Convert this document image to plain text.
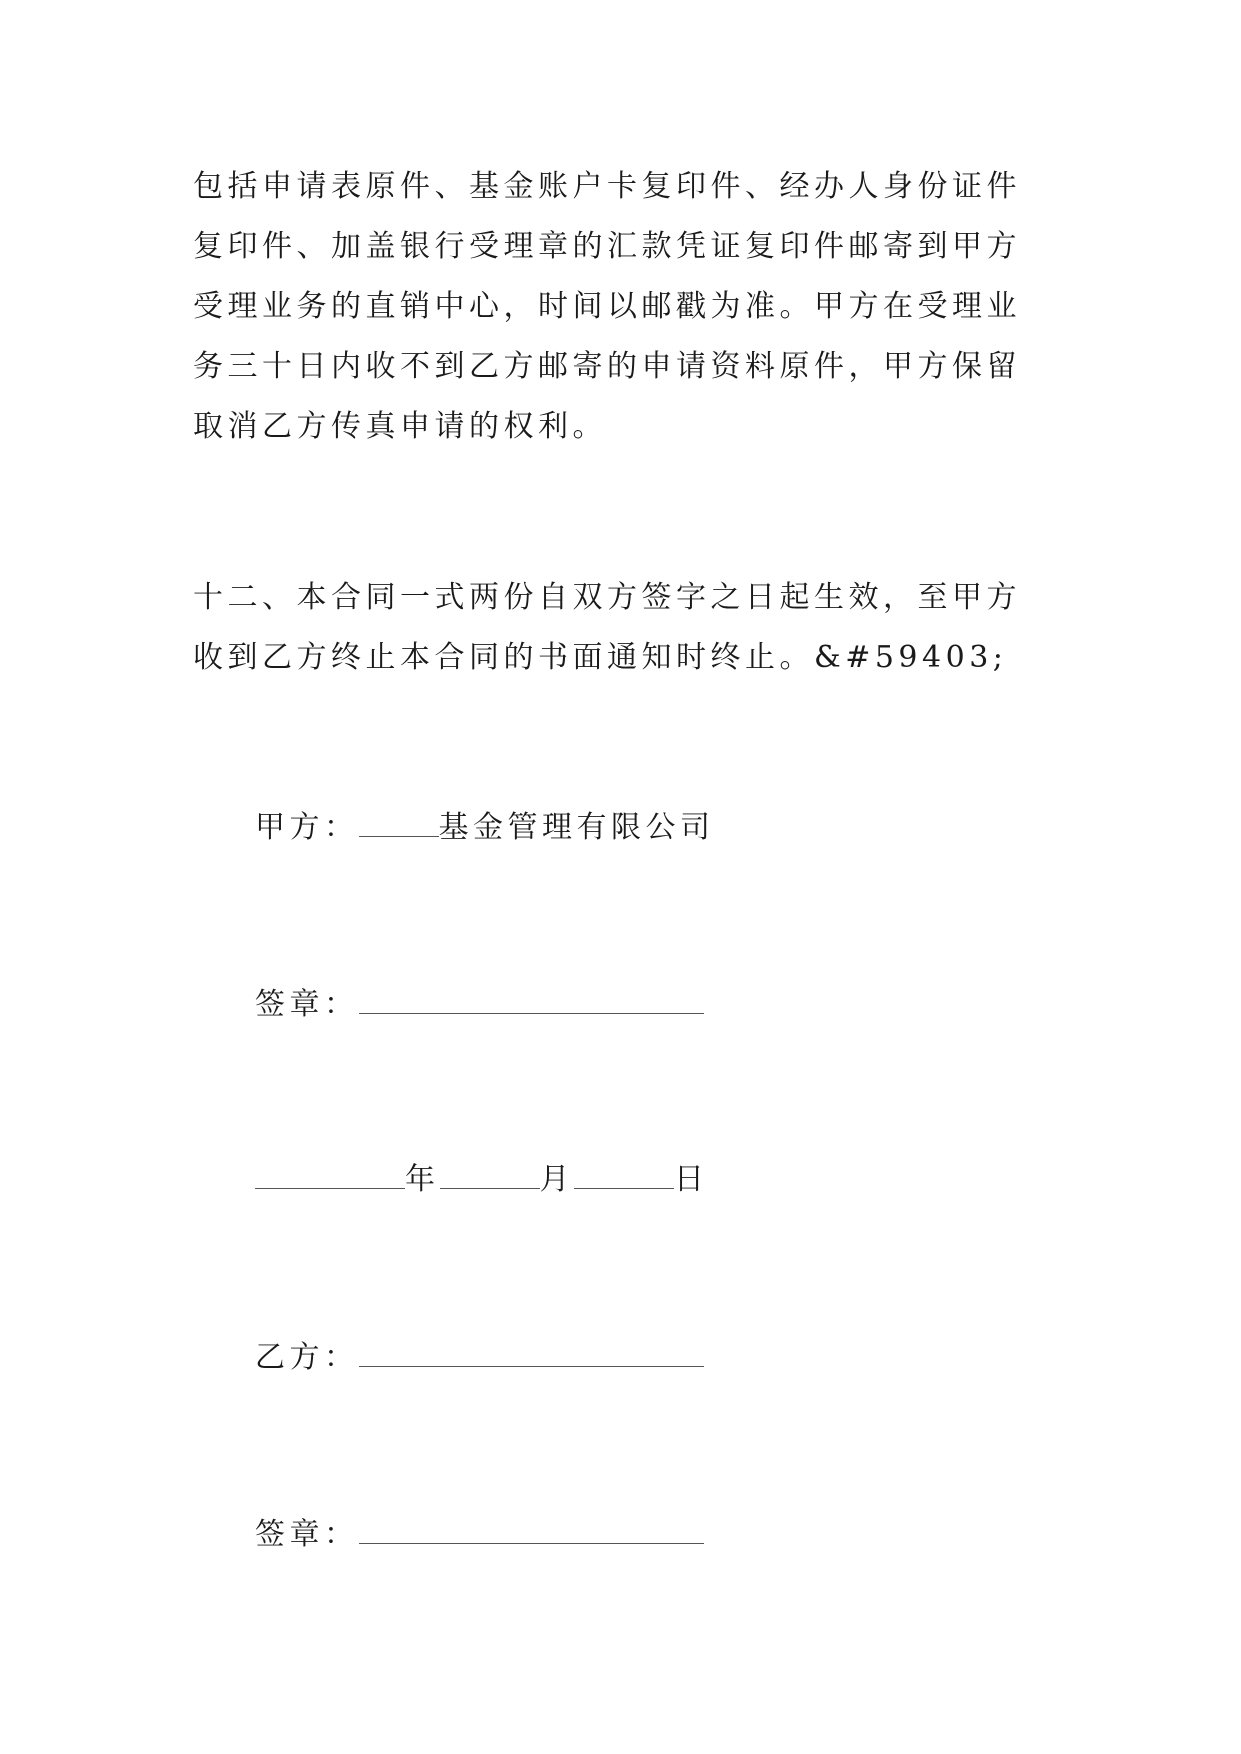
包括申请表原件、基金账户卡复印件、经办人身份证件复印件、加盖银行受理章的汇款凭证复印件邮寄到甲方受理业务的直销中心，时间以邮戳为准。甲方在受理业务三十日内收不到乙方邮寄的申请资料原件，甲方保留取消乙方传真申请的权利。

十二、本合同一式两份自双方签字之日起生效，至甲方收到乙方终止本合同的书面通知时终止。&#59403;

甲方：	基金管理有限公司
签章：
年	月	日
乙方：
签章：
